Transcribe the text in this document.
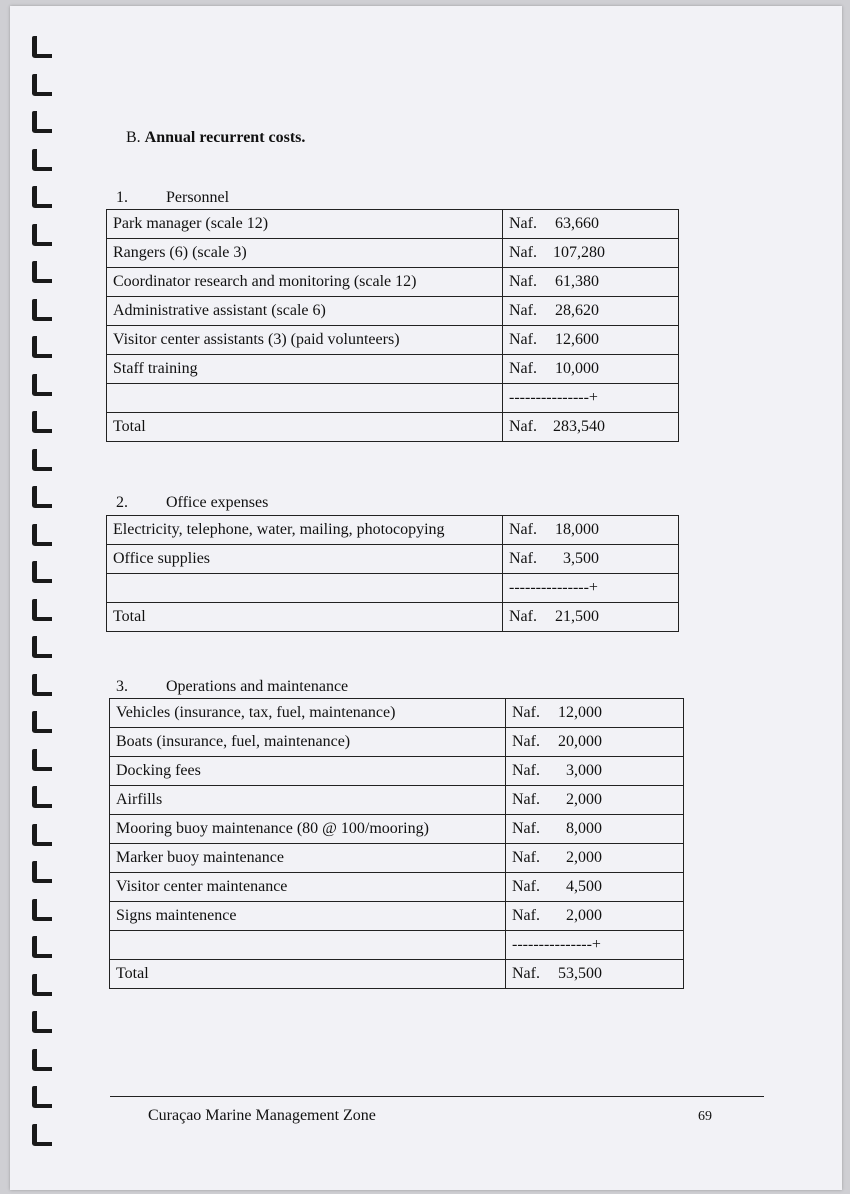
B. Annual recurrent costs.
1. Personnel
Park manager (scale 12)	Naf. 63,660

Rangers (6) (scale 3)	Naf. 107,280

Coordinator research and monitoring (scale 12)	Naf. 61,380

Administrative assistant (scale 6)	Naf. 28,620

Visitor center assistants (3) (paid volunteers)	Naf. 12,600

Staff training	Naf. 10,000

	---------------+
Total	Naf. 283,540
2. Office expenses
Electricity, telephone, water, mailing, photocopying	Naf. 18,000

Office supplies	Naf. 3,500

	---------------+
Total	Naf. 21,500
3. Operations and maintenance
Vehicles (insurance, tax, fuel, maintenance)	Naf. 12,000

Boats (insurance, fuel, maintenance)	Naf. 20,000

Docking fees	Naf. 3,000

Airfills	Naf. 2,000

Mooring buoy maintenance (80 @ 100/mooring)	Naf. 8,000

Marker buoy maintenance	Naf. 2,000

Visitor center maintenance	Naf. 4,500

Signs maintenence	Naf. 2,000

	---------------+
Total	Naf. 53,500
Curaçao Marine Management Zone	69
